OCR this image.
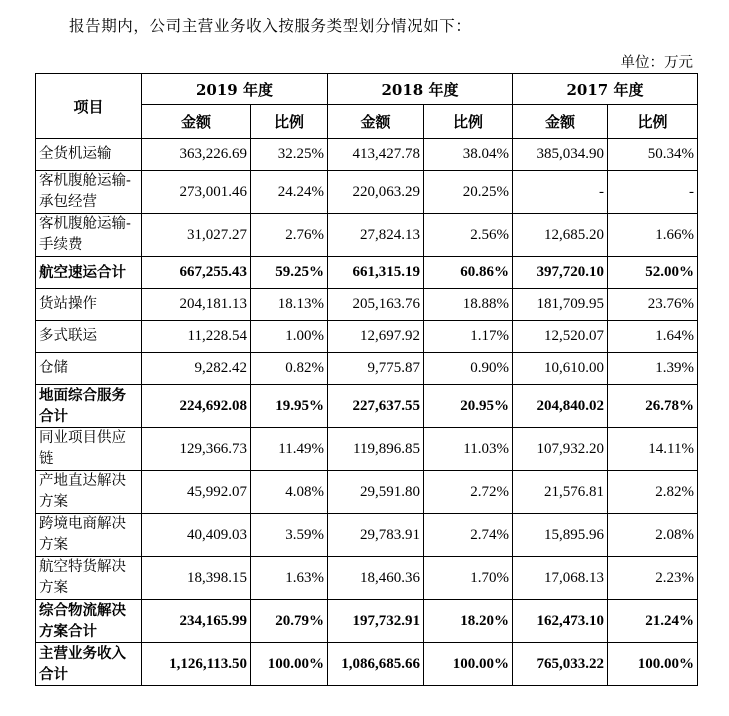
报告期内，公司主营业务收入按服务类型划分情况如下：
单位：万元
项目	2019 年度		2018 年度		2017 年度	
	金额	比例	金额	比例	金额	比例
全货机运输	363,226.69	32.25%	413,427.78	38.04%	385,034.90	50.34%
客机腹舱运输-承包经营	273,001.46	24.24%	220,063.29	20.25%	-	-
客机腹舱运输-手续费	31,027.27	2.76%	27,824.13	2.56%	12,685.20	1.66%
航空速运合计	667,255.43	59.25%	661,315.19	60.86%	397,720.10	52.00%
货站操作	204,181.13	18.13%	205,163.76	18.88%	181,709.95	23.76%
多式联运	11,228.54	1.00%	12,697.92	1.17%	12,520.07	1.64%
仓储	9,282.42	0.82%	9,775.87	0.90%	10,610.00	1.39%
地面综合服务合计	224,692.08	19.95%	227,637.55	20.95%	204,840.02	26.78%
同业项目供应链	129,366.73	11.49%	119,896.85	11.03%	107,932.20	14.11%
产地直达解决方案	45,992.07	4.08%	29,591.80	2.72%	21,576.81	2.82%
跨境电商解决方案	40,409.03	3.59%	29,783.91	2.74%	15,895.96	2.08%
航空特货解决方案	18,398.15	1.63%	18,460.36	1.70%	17,068.13	2.23%
综合物流解决方案合计	234,165.99	20.79%	197,732.91	18.20%	162,473.10	21.24%
主营业务收入合计	1,126,113.50	100.00%	1,086,685.66	100.00%	765,033.22	100.00%
